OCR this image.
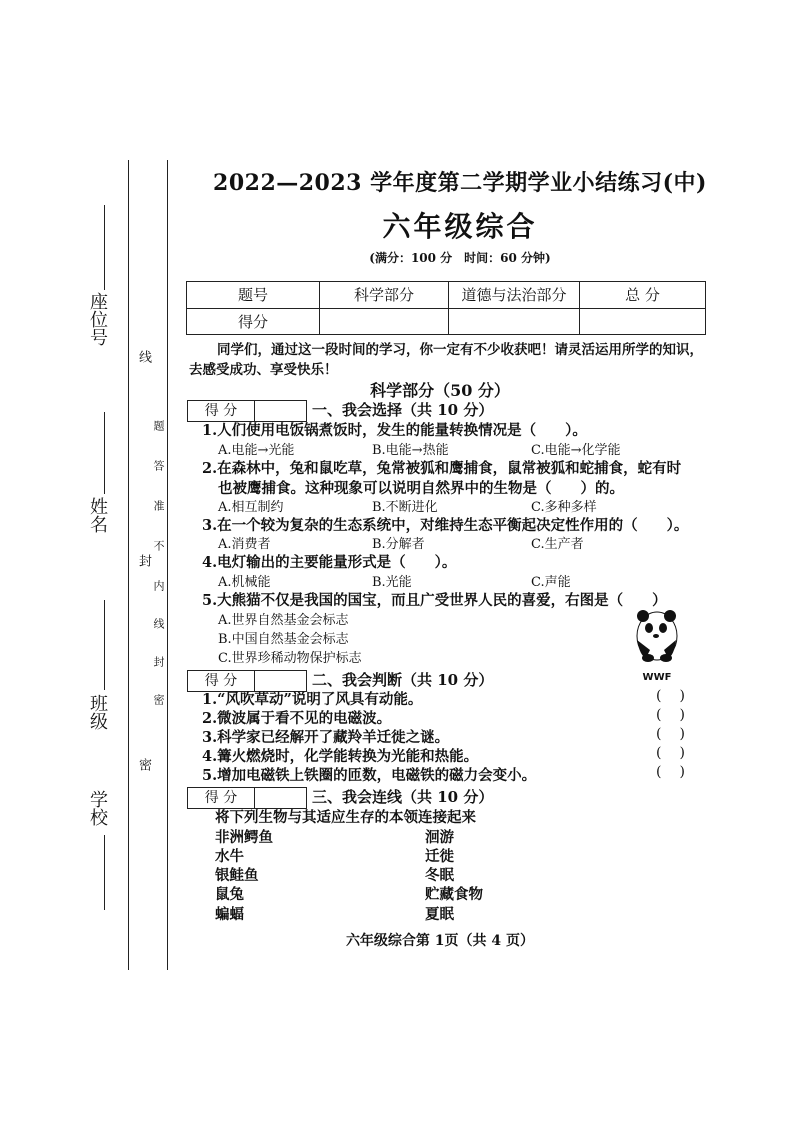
座位号
姓名
班级
学校
线
封
密
题
答
准
不
内
线
封
密
2022—2023 学年度第二学期学业小结练习(中)
六年级综合
(满分：100 分　时间：60 分钟)
题号	科学部分	道德与法治部分	总 分
得分			
同学们，通过这一段时间的学习，你一定有不少收获吧！请灵活运用所学的知识，去感受成功、享受快乐！
科学部分（50 分）
得 分	一、我会选择（共 10 分）
1.人们使用电饭锅煮饭时，发生的能量转换情况是（　　）。
A.电能→光能	B.电能→热能	C.电能→化学能
2.在森林中，兔和鼠吃草，兔常被狐和鹰捕食，鼠常被狐和蛇捕食，蛇有时
也被鹰捕食。这种现象可以说明自然界中的生物是（　　）的。
A.相互制约	B.不断进化	C.多种多样
3.在一个较为复杂的生态系统中，对维持生态平衡起决定性作用的（　　）。
A.消费者	B.分解者	C.生产者
4.电灯输出的主要能量形式是（　　）。
A.机械能	B.光能	C.声能
5.大熊猫不仅是我国的国宝，而且广受世界人民的喜爱，右图是（　　）
A.世界自然基金会标志
B.中国自然基金会标志
C.世界珍稀动物保护标志
WWF
得 分	二、我会判断（共 10 分）
1.“风吹草动”说明了风具有动能。
2.微波属于看不见的电磁波。
3.科学家已经解开了藏羚羊迁徙之谜。
4.篝火燃烧时，化学能转换为光能和热能。
5.增加电磁铁上铁圈的匝数，电磁铁的磁力会变小。
()
()
()
()
()
得 分	三、我会连线（共 10 分）
将下列生物与其适应生存的本领连接起来
非洲鳄鱼
水牛
银鲑鱼
鼠兔
蝙蝠
洄游
迁徙
冬眠
贮藏食物
夏眠
六年级综合第 1页（共 4 页）
